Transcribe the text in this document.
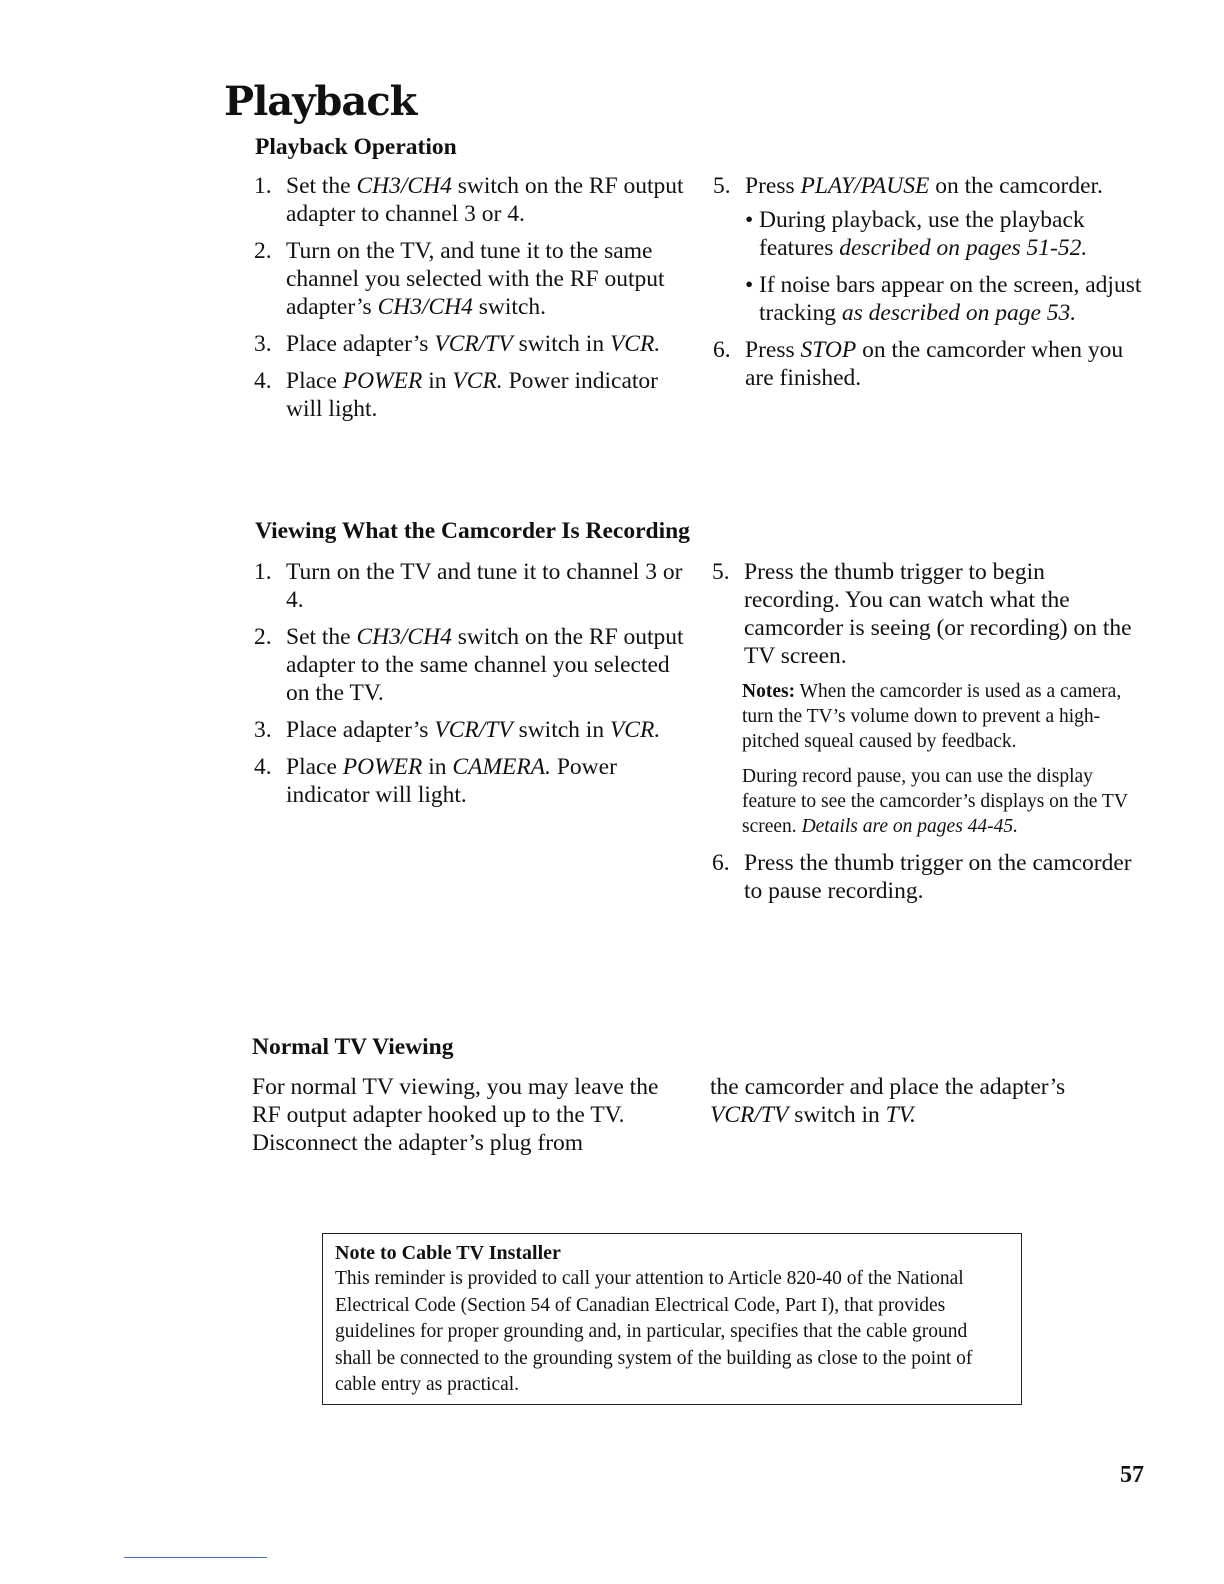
Playback
Playback Operation
1. Set the CH3/CH4 switch on the RF output adapter to channel 3 or 4.
2. Turn on the TV, and tune it to the same channel you selected with the RF output adapter’s CH3/CH4 switch.
3. Place adapter’s VCR/TV switch in VCR.
4. Place POWER in VCR. Power indicator will light.
5. Press PLAY/PAUSE on the camcorder.
• During playback, use the playback features described on pages 51-52.
• If noise bars appear on the screen, adjust tracking as described on page 53.
6. Press STOP on the camcorder when you are finished.
Viewing What the Camcorder Is Recording
1. Turn on the TV and tune it to channel 3 or 4.
2. Set the CH3/CH4 switch on the RF output adapter to the same channel you selected on the TV.
3. Place adapter’s VCR/TV switch in VCR.
4. Place POWER in CAMERA. Power indicator will light.
5. Press the thumb trigger to begin recording. You can watch what the camcorder is seeing (or recording) on the TV screen.
Notes: When the camcorder is used as a camera, turn the TV’s volume down to prevent a high-pitched squeal caused by feedback.
During record pause, you can use the display feature to see the camcorder’s displays on the TV screen. Details are on pages 44-45.
6. Press the thumb trigger on the camcorder to pause recording.
Normal TV Viewing
For normal TV viewing, you may leave the RF output adapter hooked up to the TV. Disconnect the adapter’s plug from
the camcorder and place the adapter’s VCR/TV switch in TV.
Note to Cable TV Installer
This reminder is provided to call your attention to Article 820-40 of the National Electrical Code (Section 54 of Canadian Electrical Code, Part I), that provides guidelines for proper grounding and, in particular, specifies that the cable ground shall be connected to the grounding system of the building as close to the point of cable entry as practical.
57
